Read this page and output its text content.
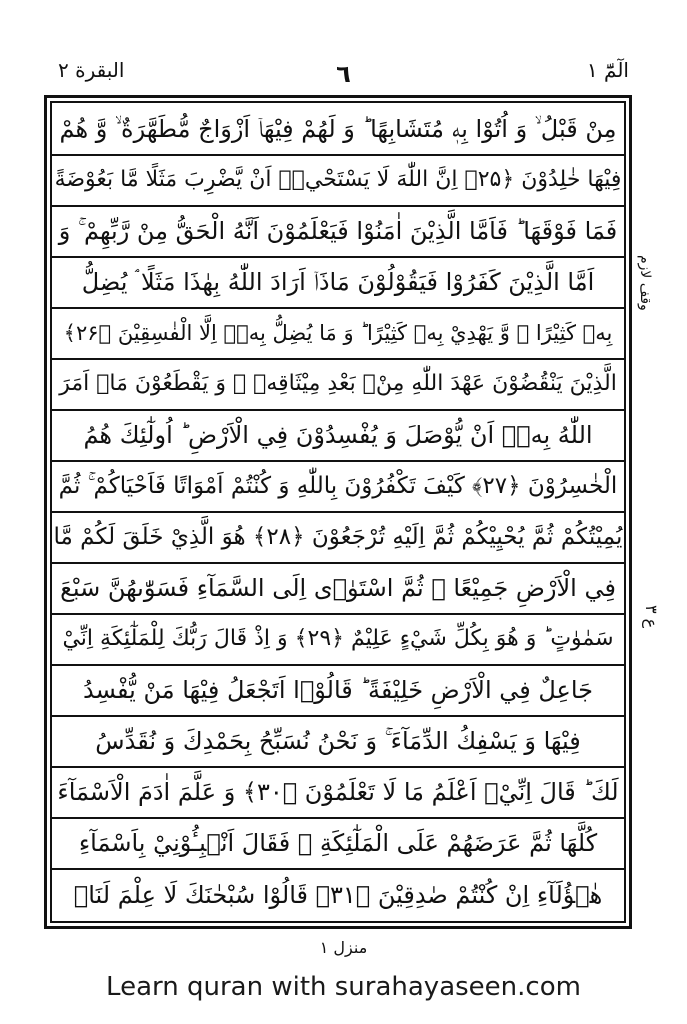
البقرة ۲	٦	الٓمّٓ ۱
مِنْ قَبْلُ ۙ وَ اُتُوْا بِهٖ مُتَشَابِهًا ؕ وَ لَهُمْ فِيْهَاۤ اَزْوَاجٌ مُّطَهَّرَةٌ ۙ وَّ هُمْ
فِيْهَا خٰلِدُوْنَ ﴿۲۵﴾ اِنَّ اللّٰهَ لَا يَسْتَحْيٖۤ اَنْ يَّضْرِبَ مَثَلًا مَّا بَعُوْضَةً
فَمَا فَوْقَهَا ؕ فَاَمَّا الَّذِيْنَ اٰمَنُوْا فَيَعْلَمُوْنَ اَنَّهُ الْحَقُّ مِنْ رَّبِّهِمْ ۚ وَ
اَمَّا الَّذِيْنَ كَفَرُوْا فَيَقُوْلُوْنَ مَاذَاۤ اَرَادَ اللّٰهُ بِهٰذَا مَثَلًا ۘ يُضِلُّ
بِهٖ كَثِيْرًا ۙ وَّ يَهْدِيْ بِهٖ كَثِيْرًا ؕ وَ مَا يُضِلُّ بِهٖۤ اِلَّا الْفٰسِقِيْنَ ﴿۲۶﴾
الَّذِيْنَ يَنْقُضُوْنَ عَهْدَ اللّٰهِ مِنْۢ بَعْدِ مِيْثَاقِهٖ ۪ وَ يَقْطَعُوْنَ مَاۤ اَمَرَ
اللّٰهُ بِهٖۤ اَنْ يُّوْصَلَ وَ يُفْسِدُوْنَ فِي الْاَرْضِ ؕ اُولٰٓئِكَ هُمُ
الْخٰسِرُوْنَ ﴿۲۷﴾ كَيْفَ تَكْفُرُوْنَ بِاللّٰهِ وَ كُنْتُمْ اَمْوَاتًا فَاَحْيَاكُمْ ۚ ثُمَّ
يُمِيْتُكُمْ ثُمَّ يُحْيِيْكُمْ ثُمَّ اِلَيْهِ تُرْجَعُوْنَ ﴿۲۸﴾ هُوَ الَّذِيْ خَلَقَ لَكُمْ مَّا
فِي الْاَرْضِ جَمِيْعًا ۗ ثُمَّ اسْتَوٰۤى اِلَى السَّمَآءِ فَسَوّٰىهُنَّ سَبْعَ
سَمٰوٰتٍ ؕ وَ هُوَ بِكُلِّ شَيْءٍ عَلِيْمٌ ﴿۲۹﴾ وَ اِذْ قَالَ رَبُّكَ لِلْمَلٰٓئِكَةِ اِنِّيْ
جَاعِلٌ فِي الْاَرْضِ خَلِيْفَةً ؕ قَالُوْۤا اَتَجْعَلُ فِيْهَا مَنْ يُّفْسِدُ
فِيْهَا وَ يَسْفِكُ الدِّمَآءَ ۚ وَ نَحْنُ نُسَبِّحُ بِحَمْدِكَ وَ نُقَدِّسُ
لَكَ ؕ قَالَ اِنِّيْۤ اَعْلَمُ مَا لَا تَعْلَمُوْنَ ﴿۳۰﴾ وَ عَلَّمَ اٰدَمَ الْاَسْمَآءَ
كُلَّهَا ثُمَّ عَرَضَهُمْ عَلَى الْمَلٰٓئِكَةِ ۙ فَقَالَ اَنْۢبِـُٔوْنِيْ بِاَسْمَآءِ
هٰۤؤُلَآءِ اِنْ كُنْتُمْ صٰدِقِيْنَ ﴿۳۱﴾ قَالُوْا سُبْحٰنَكَ لَا عِلْمَ لَنَاۤ
وقف لازم
ع ۳
منزل ۱
Learn quran with surahayaseen.com
